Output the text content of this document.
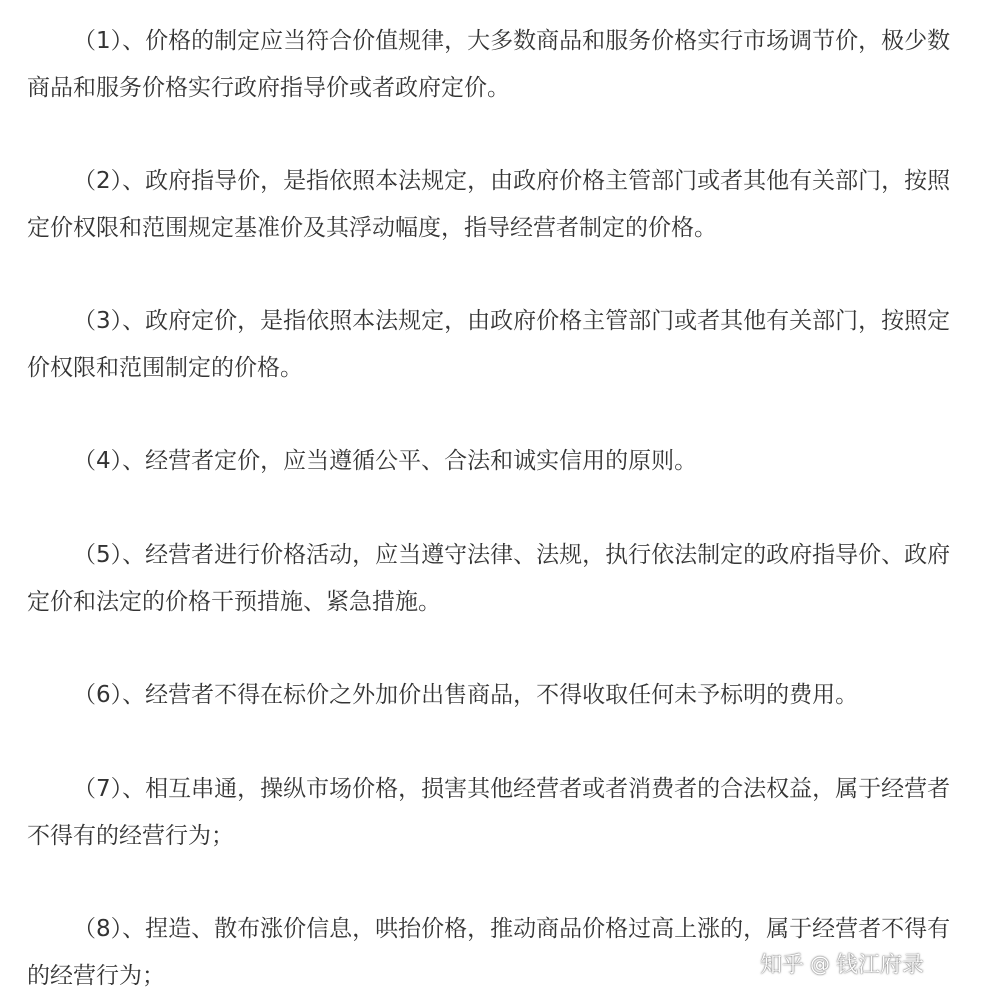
（1）、价格的制定应当符合价值规律，大多数商品和服务价格实行市场调节价，极少数商品和服务价格实行政府指导价或者政府定价。

（2）、政府指导价，是指依照本法规定，由政府价格主管部门或者其他有关部门，按照定价权限和范围规定基准价及其浮动幅度，指导经营者制定的价格。

（3）、政府定价，是指依照本法规定，由政府价格主管部门或者其他有关部门，按照定价权限和范围制定的价格。

（4）、经营者定价，应当遵循公平、合法和诚实信用的原则。

（5）、经营者进行价格活动，应当遵守法律、法规，执行依法制定的政府指导价、政府定价和法定的价格干预措施、紧急措施。

（6）、经营者不得在标价之外加价出售商品，不得收取任何未予标明的费用。

（7）、相互串通，操纵市场价格，损害其他经营者或者消费者的合法权益，属于经营者不得有的经营行为；

（8）、捏造、散布涨价信息，哄抬价格，推动商品价格过高上涨的，属于经营者不得有的经营行为；	知乎 @ 钱江府录
